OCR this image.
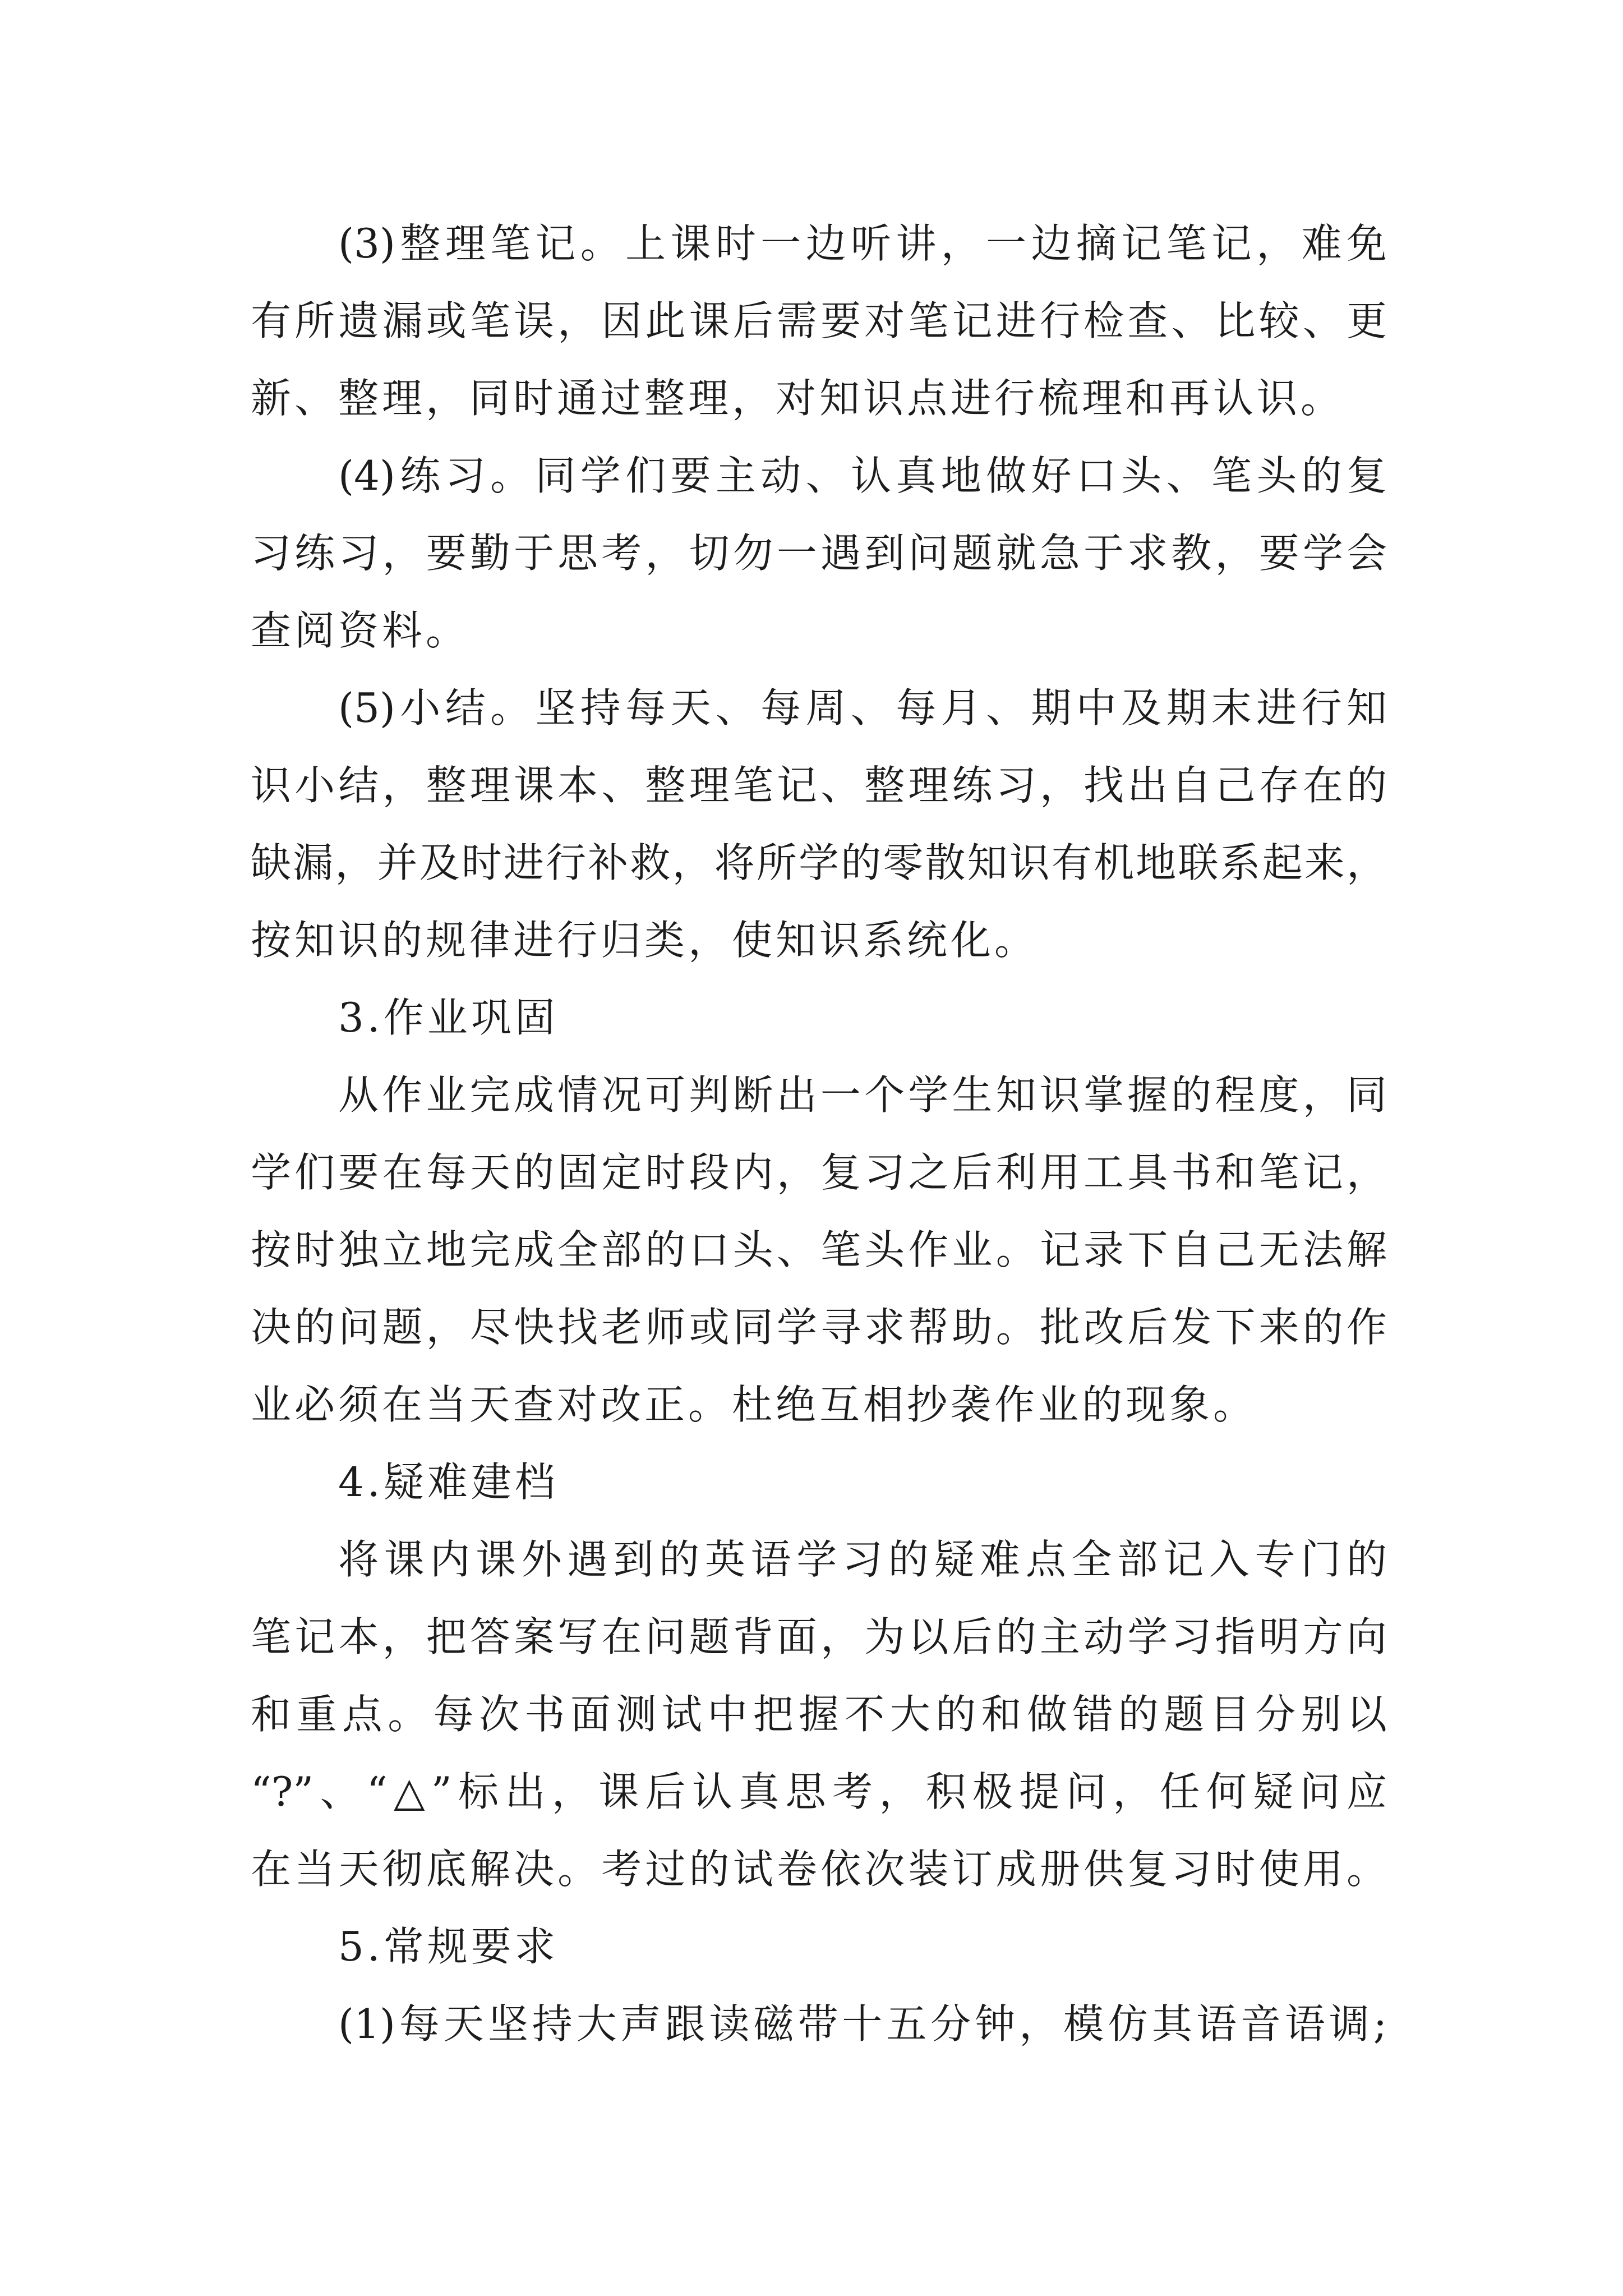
(3)整理笔记。上课时一边听讲，一边摘记笔记，难免
有所遗漏或笔误，因此课后需要对笔记进行检查、比较、更
新、整理，同时通过整理，对知识点进行梳理和再认识。
(4)练习。同学们要主动、认真地做好口头、笔头的复
习练习，要勤于思考，切勿一遇到问题就急于求教，要学会
查阅资料。
(5)小结。坚持每天、每周、每月、期中及期末进行知
识小结，整理课本、整理笔记、整理练习，找出自己存在的
缺漏，并及时进行补救，将所学的零散知识有机地联系起来，
按知识的规律进行归类，使知识系统化。
3.作业巩固
从作业完成情况可判断出一个学生知识掌握的程度，同
学们要在每天的固定时段内，复习之后利用工具书和笔记，
按时独立地完成全部的口头、笔头作业。记录下自己无法解
决的问题，尽快找老师或同学寻求帮助。批改后发下来的作
业必须在当天查对改正。杜绝互相抄袭作业的现象。
4.疑难建档
将课内课外遇到的英语学习的疑难点全部记入专门的
笔记本，把答案写在问题背面，为以后的主动学习指明方向
和重点。每次书面测试中把握不大的和做错的题目分别以
“?”、“△”标出，课后认真思考，积极提问，任何疑问应
在当天彻底解决。考过的试卷依次装订成册供复习时使用。
5.常规要求
(1)每天坚持大声跟读磁带十五分钟，模仿其语音语调;
